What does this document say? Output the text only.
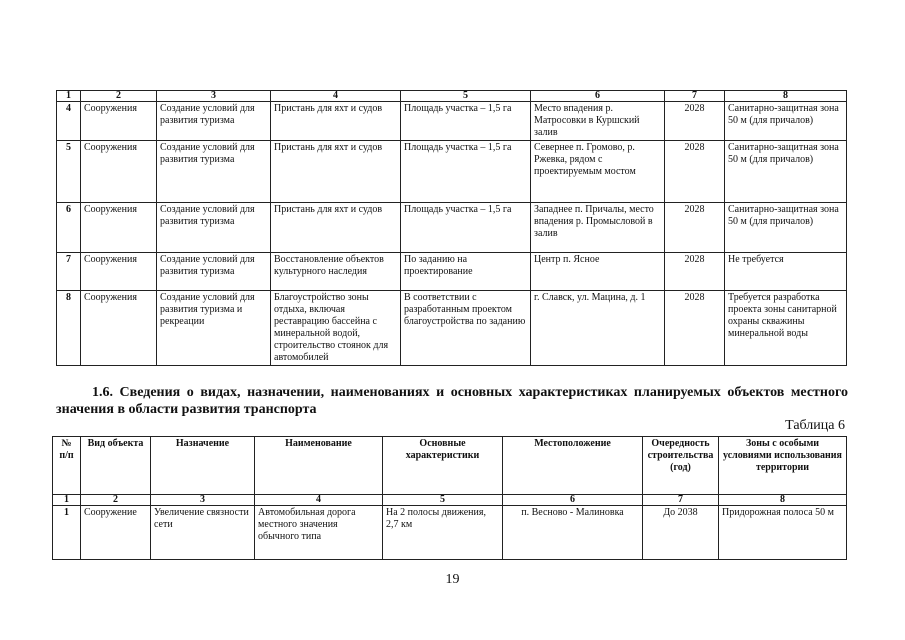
1	2	3	4	5	6	7	8
4	Сооружения	Создание условий для развития туризма	Пристань для яхт и судов	Площадь участка – 1,5 га	Место впадения р. Матросовки в Куршский залив	2028	Санитарно-защитная зона 50 м (для причалов)
5	Сооружения	Создание условий для развития туризма	Пристань для яхт и судов	Площадь участка – 1,5 га	Севернее п. Громово, р. Ржевка, рядом с проектируемым мостом	2028	Санитарно-защитная зона 50 м (для причалов)
6	Сооружения	Создание условий для развития туризма	Пристань для яхт и судов	Площадь участка – 1,5 га	Западнее п. Причалы, место впадения р. Промысловой в залив	2028	Санитарно-защитная зона 50 м (для причалов)
7	Сооружения	Создание условий для развития туризма	Восстановление объектов культурного наследия	По заданию на проектирование	Центр п. Ясное	2028	Не требуется
8	Сооружения	Создание условий для развития туризма и рекреации	Благоустройство зоны отдыха, включая реставрацию бассейна с минеральной водой, строительство стоянок для автомобилей	В соответствии с разработанным проектом благоустройства по заданию	г. Славск, ул. Мацина, д. 1	2028	Требуется разработка проекта зоны санитарной охраны скважины минеральной воды

1.6. Сведения о видах, назначении, наименованиях и основных характеристиках планируемых объектов местного значения в области развития транспорта

Таблица 6
№ п/п	Вид объекта	Назначение	Наименование	Основные характеристики	Местоположение	Очередность строительства (год)	Зоны с особыми условиями использования территории
1	2	3	4	5	6	7	8
1	Сооружение	Увеличение связности сети	Автомобильная дорога местного значения обычного типа	На 2 полосы движения, 2,7 км	п. Весново - Малиновка	До 2038	Придорожная полоса 50 м
19
